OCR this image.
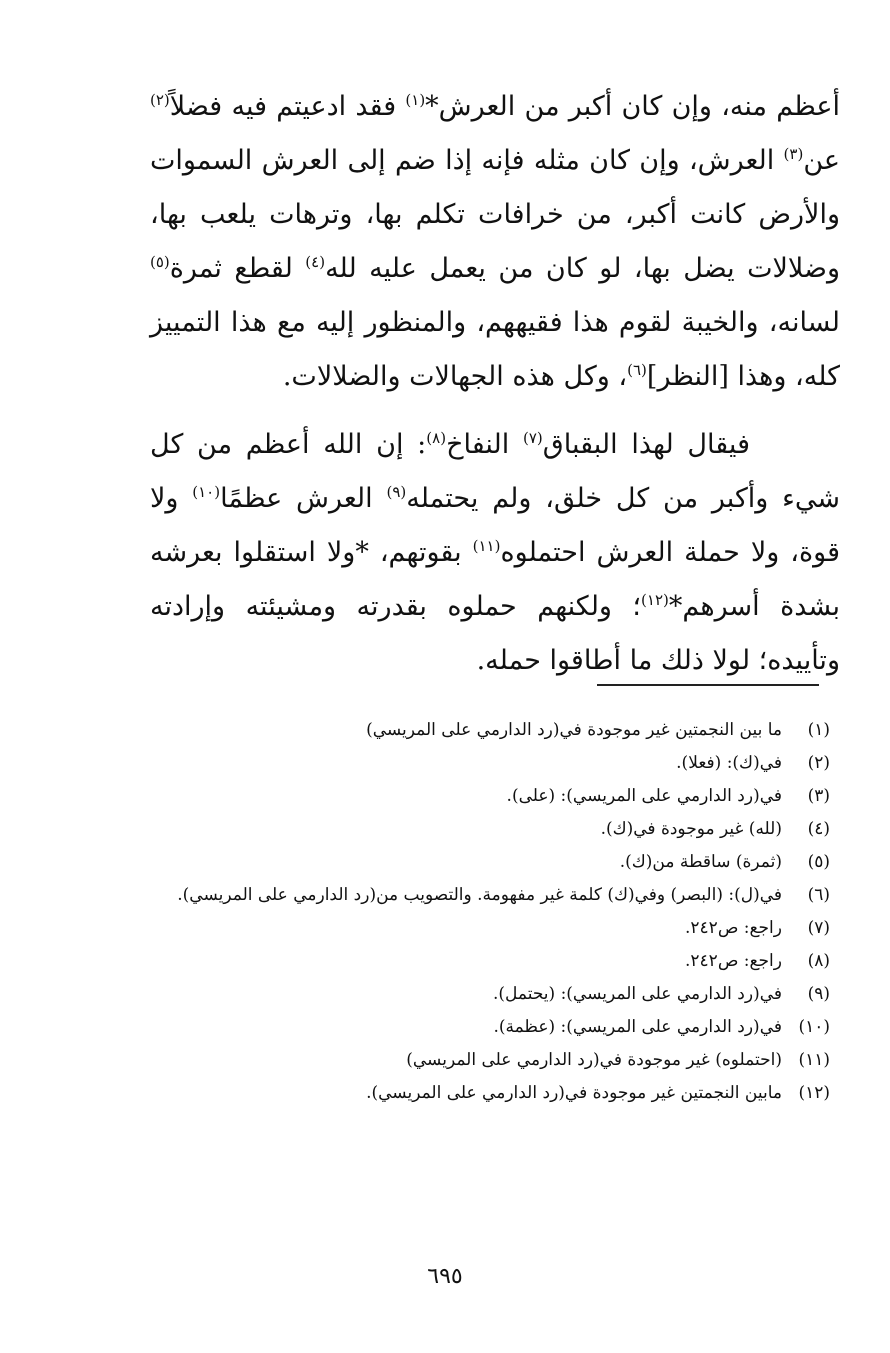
أعظم منه، وإن كان أكبر من العرش*$^{(١)}$ فقد ادعيتم فيه فضلاً$^{(٢)}$ عن$^{(٣)}$ العرش، وإن كان مثله فإنه إذا ضم إلى العرش السموات والأرض كانت أكبر، من خرافات تكلم بها، وترهات يلعب بها، وضلالات يضل بها، لو كان من يعمل عليه لله$^{(٤)}$ لقطع ثمرة$^{(٥)}$ لسانه، والخيبة لقوم هذا فقيههم، والمنظور إليه مع هذا التمييز كله، وهذا [النظر]$^{(٦)}$، وكل هذه الجهالات والضلالات.

فيقال لهذا البقباق$^{(٧)}$ النفاخ$^{(٨)}$: إن الله أعظم من كل شيء وأكبر من كل خلق، ولم يحتمله$^{(٩)}$ العرش عظمًا$^{(١٠)}$ ولا قوة، ولا حملة العرش احتملوه$^{(١١)}$ بقوتهم، *ولا استقلوا بعرشه بشدة أسرهم*$^{(١٢)}$؛ ولكنهم حملوه بقدرته ومشيئته وإرادته وتأييده؛ لولا ذلك ما أطاقوا حمله.

(١)
ما بين النجمتين غير موجودة في(رد الدارمي على المريسي)
(٢)
في(ك): (فعلا).
(٣)
في(رد الدارمي على المريسي): (على).
(٤)
(لله) غير موجودة في(ك).
(٥)
(ثمرة) ساقطة من(ك).
(٦)
في(ل): (البصر) وفي(ك) كلمة غير مفهومة. والتصويب من(رد الدارمي على المريسي).
(٧)
راجع: ص٢٤٢.
(٨)
راجع: ص٢٤٢.
(٩)
في(رد الدارمي على المريسي): (يحتمل).
(١٠)
في(رد الدارمي على المريسي): (عظمة).
(١١)
(احتملوه) غير موجودة في(رد الدارمي على المريسي)
(١٢)
مابين النجمتين غير موجودة في(رد الدارمي على المريسي).
٦٩٥
